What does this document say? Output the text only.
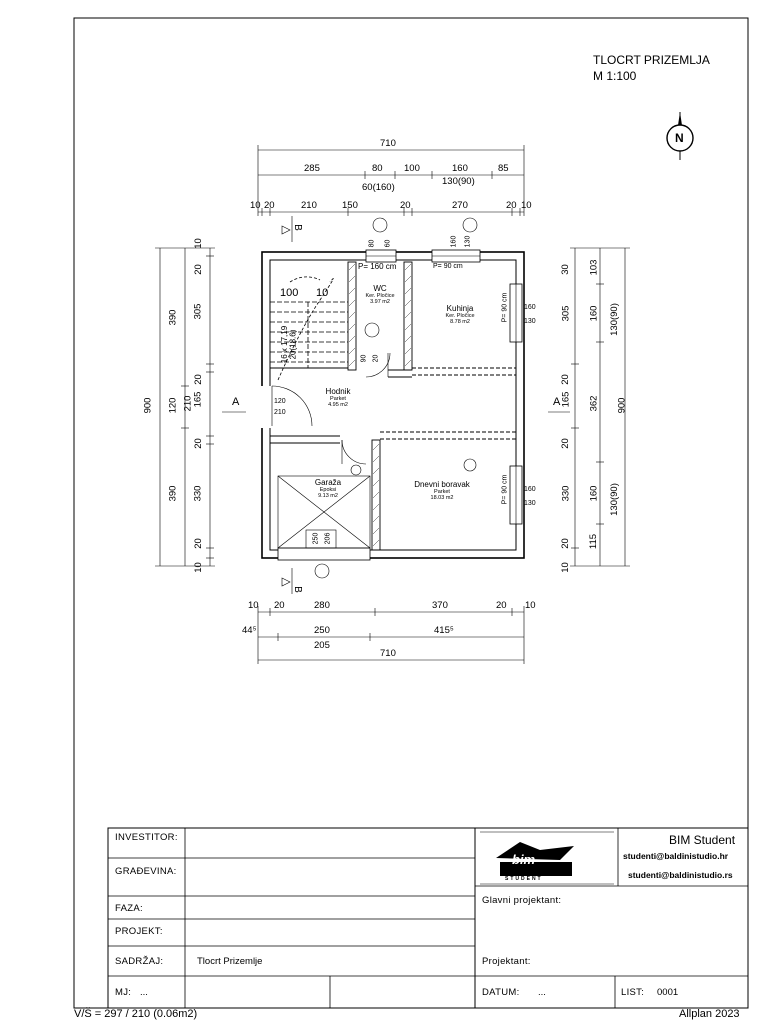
TLOCRT PRIZEMLJA
M 1:100
N
710
285	80 100	160	85
60(160)
130(90)
10 20	210	150	20	270	20 10
10 20	280	370	20 10
44⁵	250	415⁵
205
710
900
390
120
390
10
20
305
20
210 165
20
330
20
10
900
103
160 130(90)
362
160 130(90)
115
30
305
20
165
20
330
20
10
80 60	160 130
160
130
160
130
90 20
120
210
250 206
P= 160 cm	P= 90 cm
P= 90 cm
P= 90 cm
100 10
16 x 17,19 20(18.6)
A	A
B
B
WC
Ker. Pločice
3.97 m2
Kuhinja
Ker. Pločice
8.78 m2
Hodnik
Parket
4.95 m2
Garaža
Epoksi
9.13 m2
Dnevni boravak
Parket
18.03 m2
INVESTITOR:
GRAĐEVINA:
FAZA:
PROJEKT:
SADRŽAJ:	Tlocrt Prizemlje
MJ: ...
BIM Student
studenti@baldinistudio.hr
studenti@baldinistudio.rs
bim
STUDENT
Glavni projektant:
Projektant:
DATUM: ...	LIST: 0001
V/Š = 297 / 210 (0.06m2)	Allplan 2023
